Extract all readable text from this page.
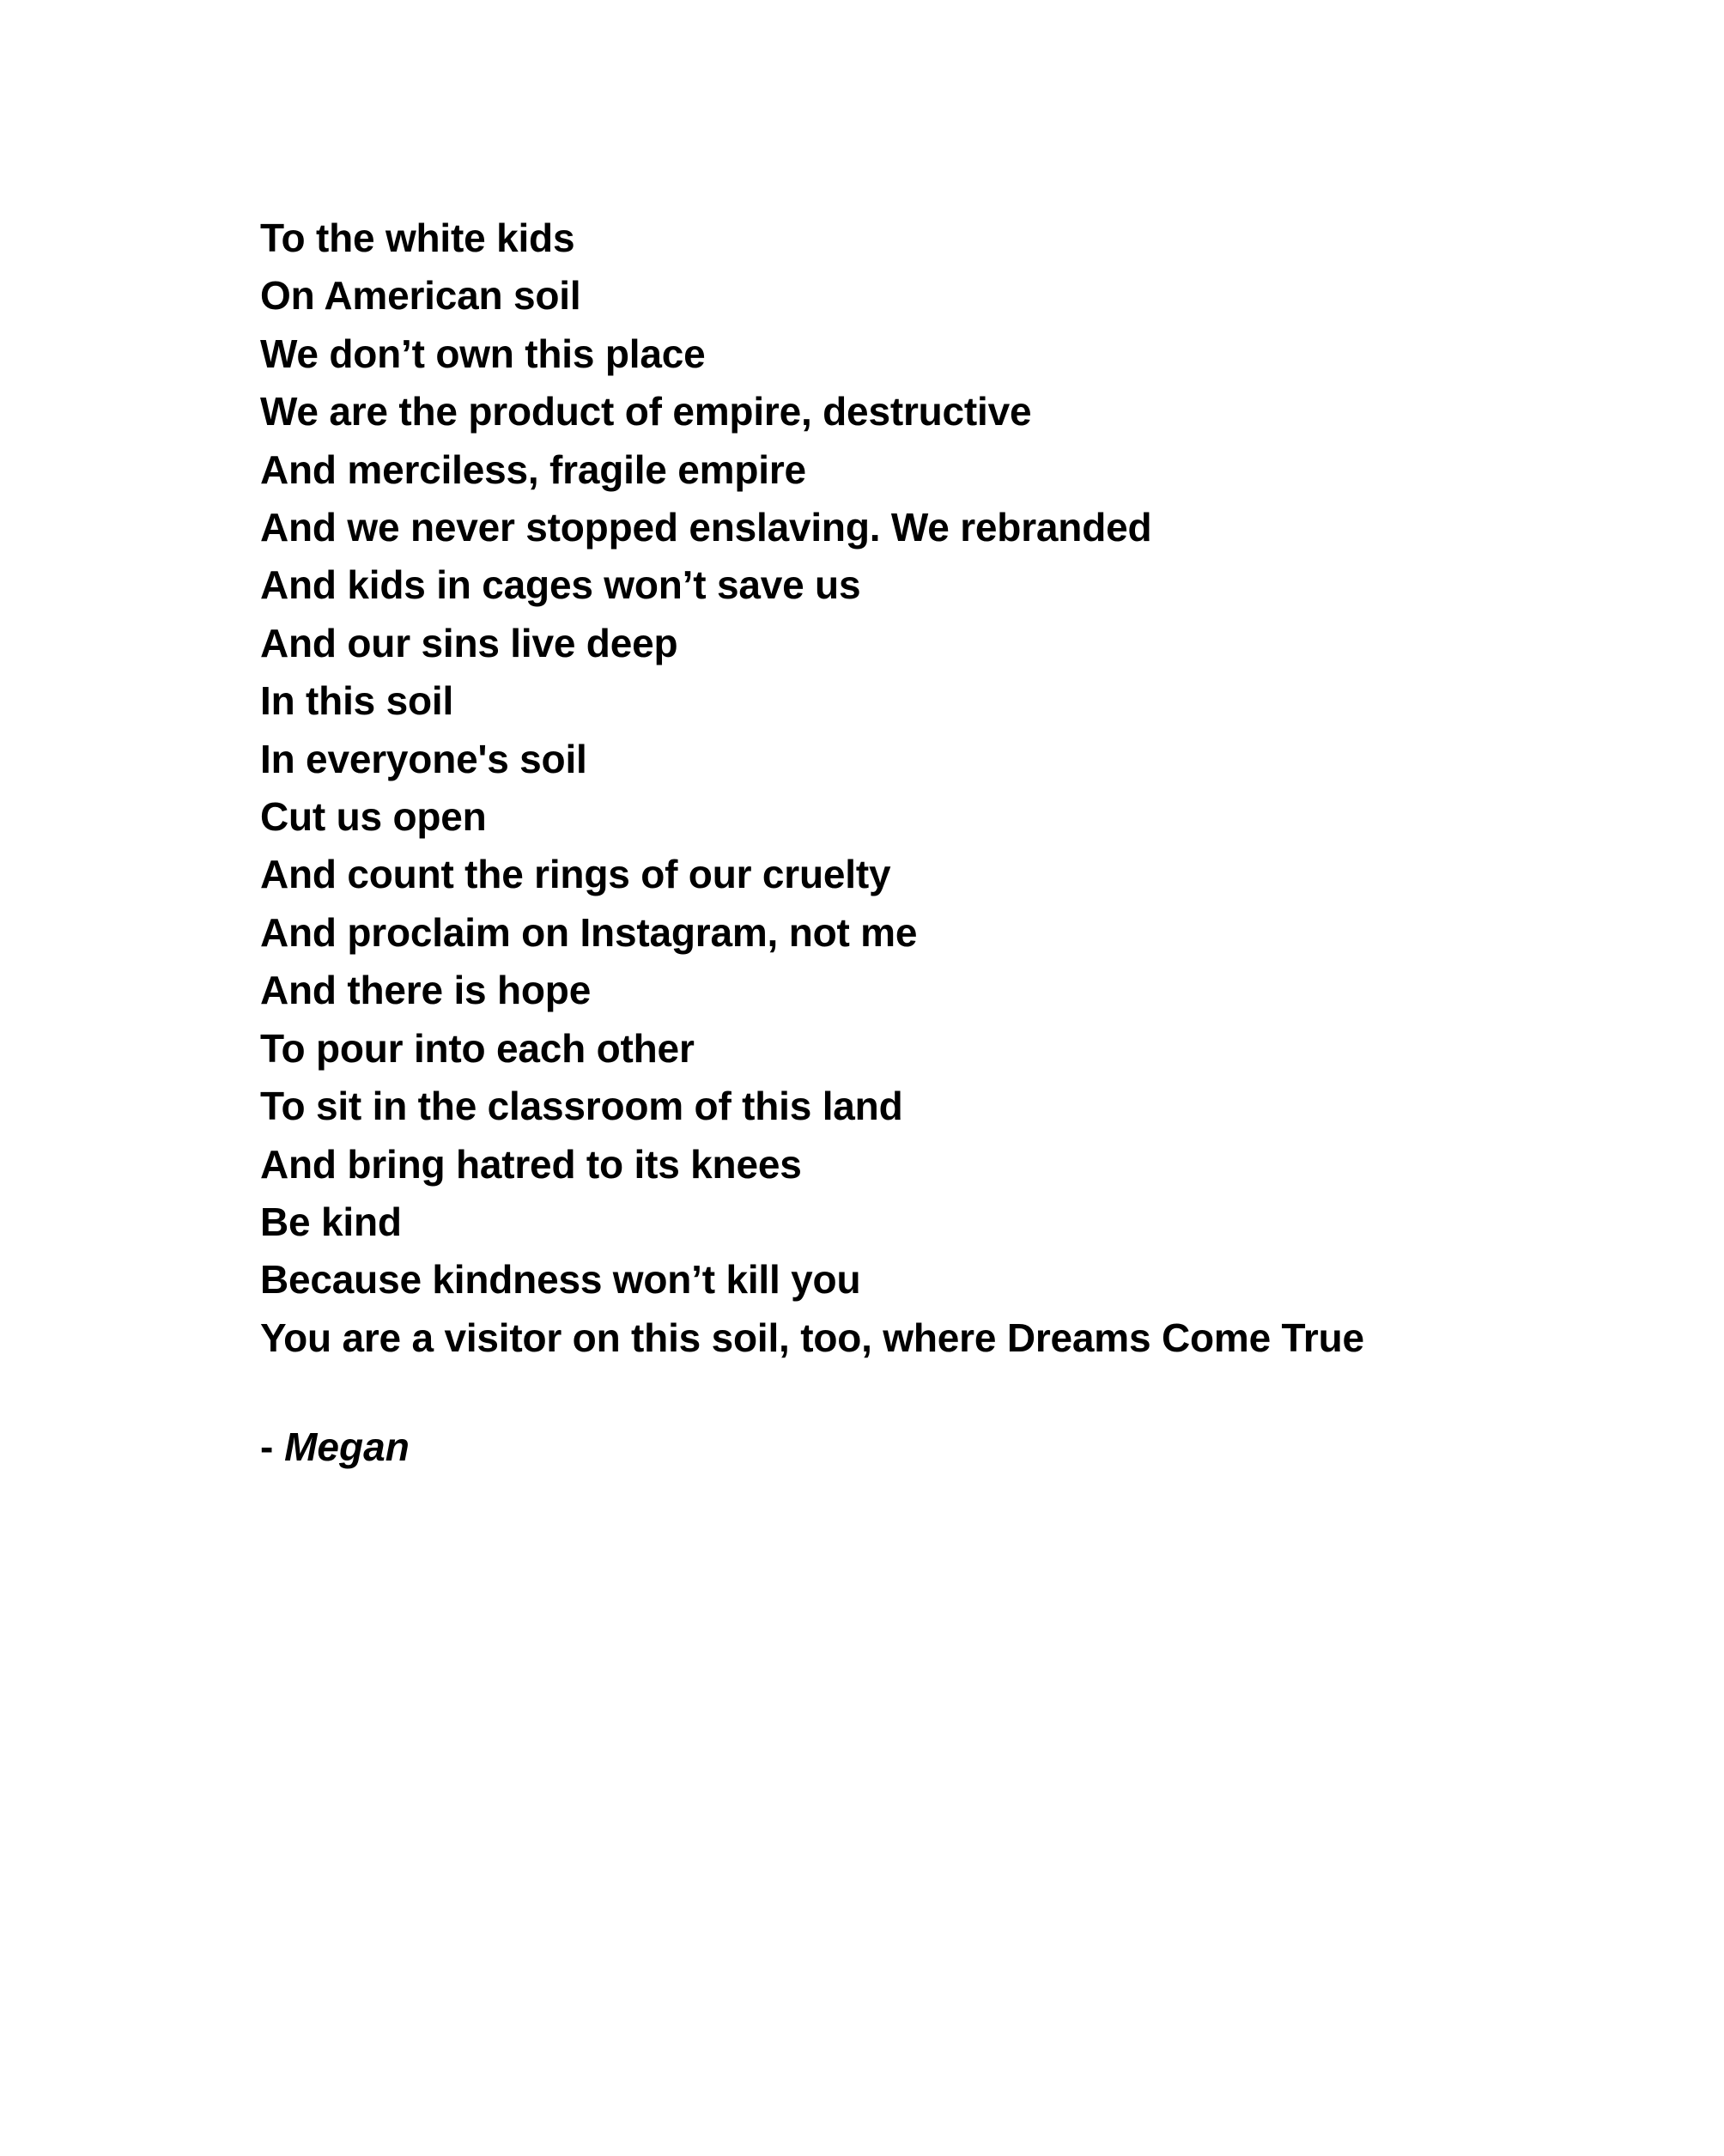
To the white kids
On American soil
We don’t own this place
We are the product of empire, destructive
And merciless, fragile empire
And we never stopped enslaving. We rebranded
And kids in cages won’t save us
And our sins live deep
In this soil
In everyone's soil
Cut us open
And count the rings of our cruelty
And proclaim on Instagram, not me
And there is hope
To pour into each other
To sit in the classroom of this land
And bring hatred to its knees
Be kind
Because kindness won’t kill you
You are a visitor on this soil, too, where Dreams Come True
- Megan
